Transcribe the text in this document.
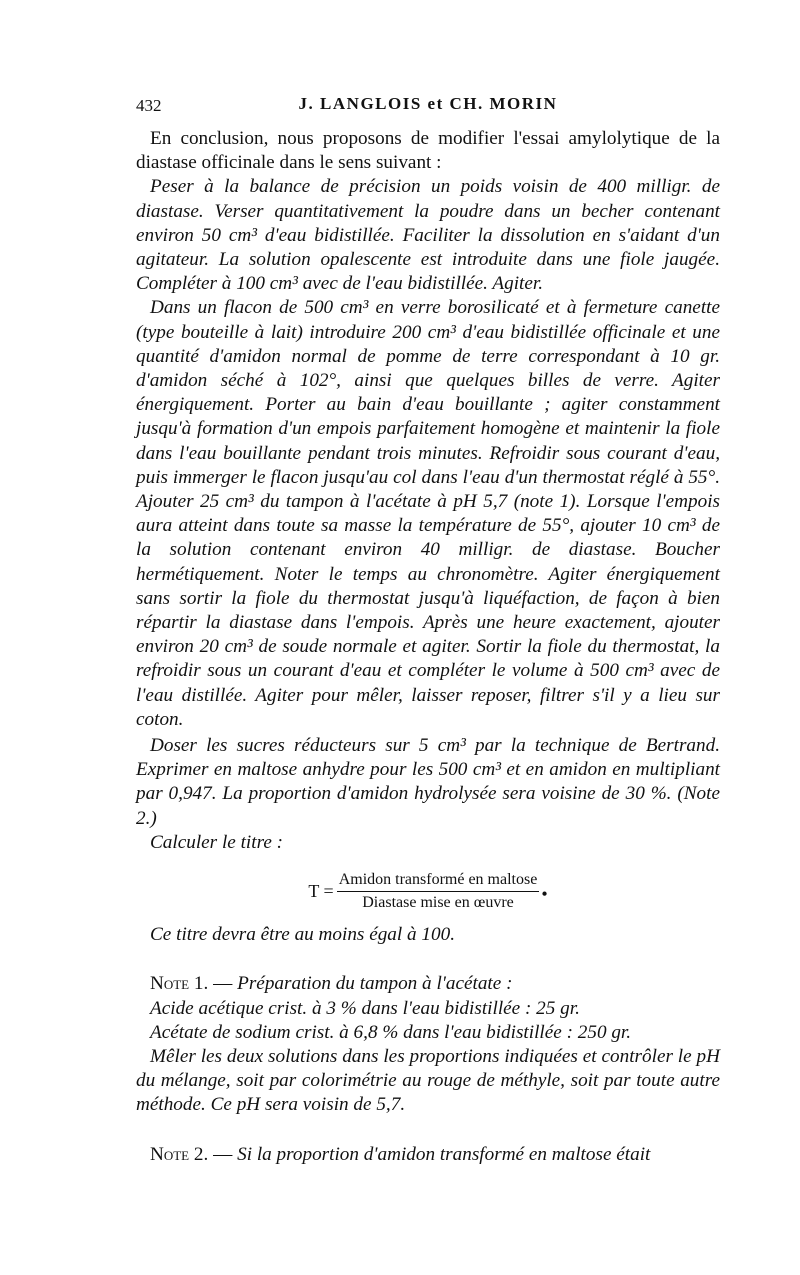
432	J. LANGLOIS et CH. MORIN

En conclusion, nous proposons de modifier l'essai amylolytique de la diastase officinale dans le sens suivant :

Peser à la balance de précision un poids voisin de 400 milligr. de diastase. Verser quantitativement la poudre dans un becher contenant environ 50 cm³ d'eau bidistillée. Faciliter la dissolution en s'aidant d'un agitateur. La solution opalescente est introduite dans une fiole jaugée. Compléter à 100 cm³ avec de l'eau bidistillée. Agiter.

Dans un flacon de 500 cm³ en verre borosilicaté et à fermeture canette (type bouteille à lait) introduire 200 cm³ d'eau bidistillée officinale et une quantité d'amidon normal de pomme de terre correspondant à 10 gr. d'amidon séché à 102°, ainsi que quelques billes de verre. Agiter énergiquement. Porter au bain d'eau bouillante ; agiter constamment jusqu'à formation d'un empois parfaitement homogène et maintenir la fiole dans l'eau bouillante pendant trois minutes. Refroidir sous courant d'eau, puis immerger le flacon jusqu'au col dans l'eau d'un thermostat réglé à 55°. Ajouter 25 cm³ du tampon à l'acétate à pH 5,7 (note 1). Lorsque l'empois aura atteint dans toute sa masse la température de 55°, ajouter 10 cm³ de la solution contenant environ 40 milligr. de diastase. Boucher hermétiquement. Noter le temps au chronomètre. Agiter énergiquement sans sortir la fiole du thermostat jusqu'à liquéfaction, de façon à bien répartir la diastase dans l'empois. Après une heure exactement, ajouter environ 20 cm³ de soude normale et agiter. Sortir la fiole du thermostat, la refroidir sous un courant d'eau et compléter le volume à 500 cm³ avec de l'eau distillée. Agiter pour mêler, laisser reposer, filtrer s'il y a lieu sur coton.

Doser les sucres réducteurs sur 5 cm³ par la technique de Bertrand. Exprimer en maltose anhydre pour les 500 cm³ et en amidon en multipliant par 0,947. La proportion d'amidon hydrolysée sera voisine de 30 %. (Note 2.)

Calculer le titre :

$T = \frac{\text{Amidon transformé en maltose}}{\text{Diastase mise en œuvre}}$ •

Ce titre devra être au moins égal à 100.

Note 1. — Préparation du tampon à l'acétate :

Acide acétique crist. à 3 % dans l'eau bidistillée : 25 gr.

Acétate de sodium crist. à 6,8 % dans l'eau bidistillée : 250 gr.

Mêler les deux solutions dans les proportions indiquées et contrôler le pH du mélange, soit par colorimétrie au rouge de méthyle, soit par toute autre méthode. Ce pH sera voisin de 5,7.

Note 2. — Si la proportion d'amidon transformé en maltose était
